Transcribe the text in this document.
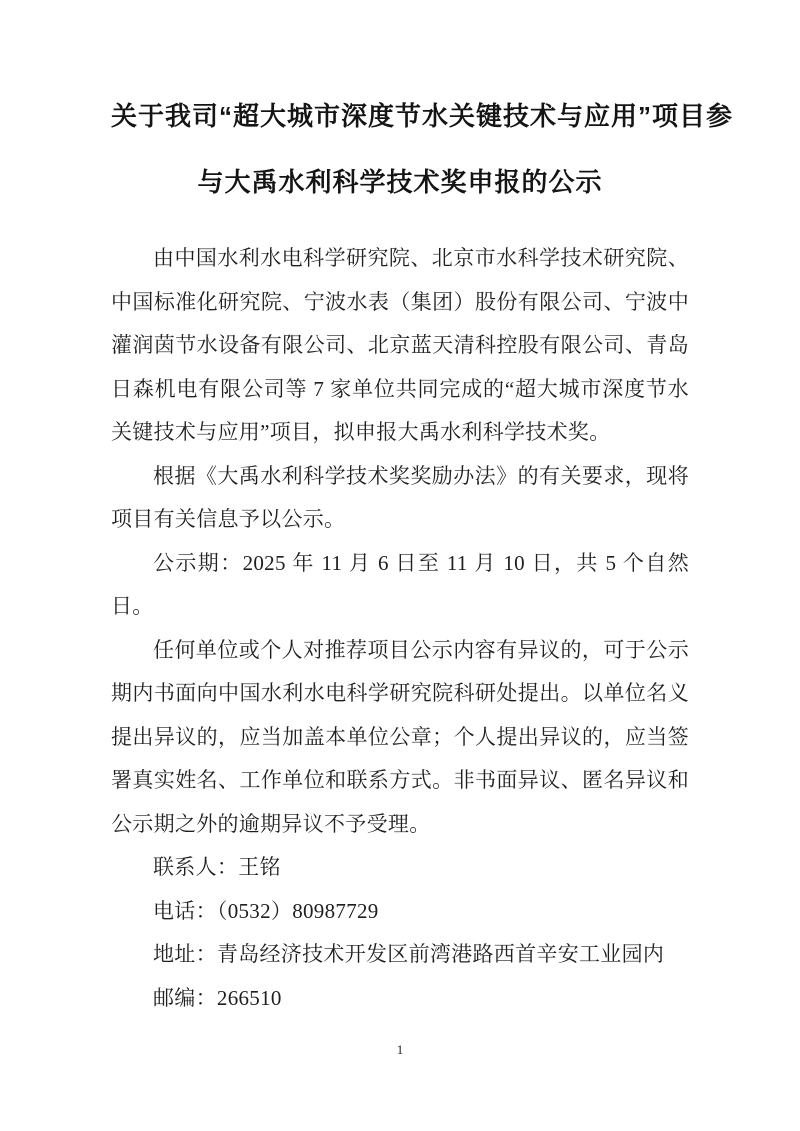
关于我司“超大城市深度节水关键技术与应用”项目参
与大禹水利科学技术奖申报的公示

由中国水利水电科学研究院、北京市水科学技术研究院、中国标准化研究院、宁波水表（集团）股份有限公司、宁波中灌润茵节水设备有限公司、北京蓝天清科控股有限公司、青岛日森机电有限公司等 7 家单位共同完成的“超大城市深度节水关键技术与应用”项目，拟申报大禹水利科学技术奖。

根据《大禹水利科学技术奖奖励办法》的有关要求，现将项目有关信息予以公示。

公示期：2025 年 11 月 6 日至 11 月 10 日，共 5 个自然日。

任何单位或个人对推荐项目公示内容有异议的，可于公示期内书面向中国水利水电科学研究院科研处提出。以单位名义提出异议的，应当加盖本单位公章；个人提出异议的，应当签署真实姓名、工作单位和联系方式。非书面异议、匿名异议和公示期之外的逾期异议不予受理。

联系人：王铭

电话：（0532）80987729

地址：青岛经济技术开发区前湾港路西首辛安工业园内

邮编：266510

1
